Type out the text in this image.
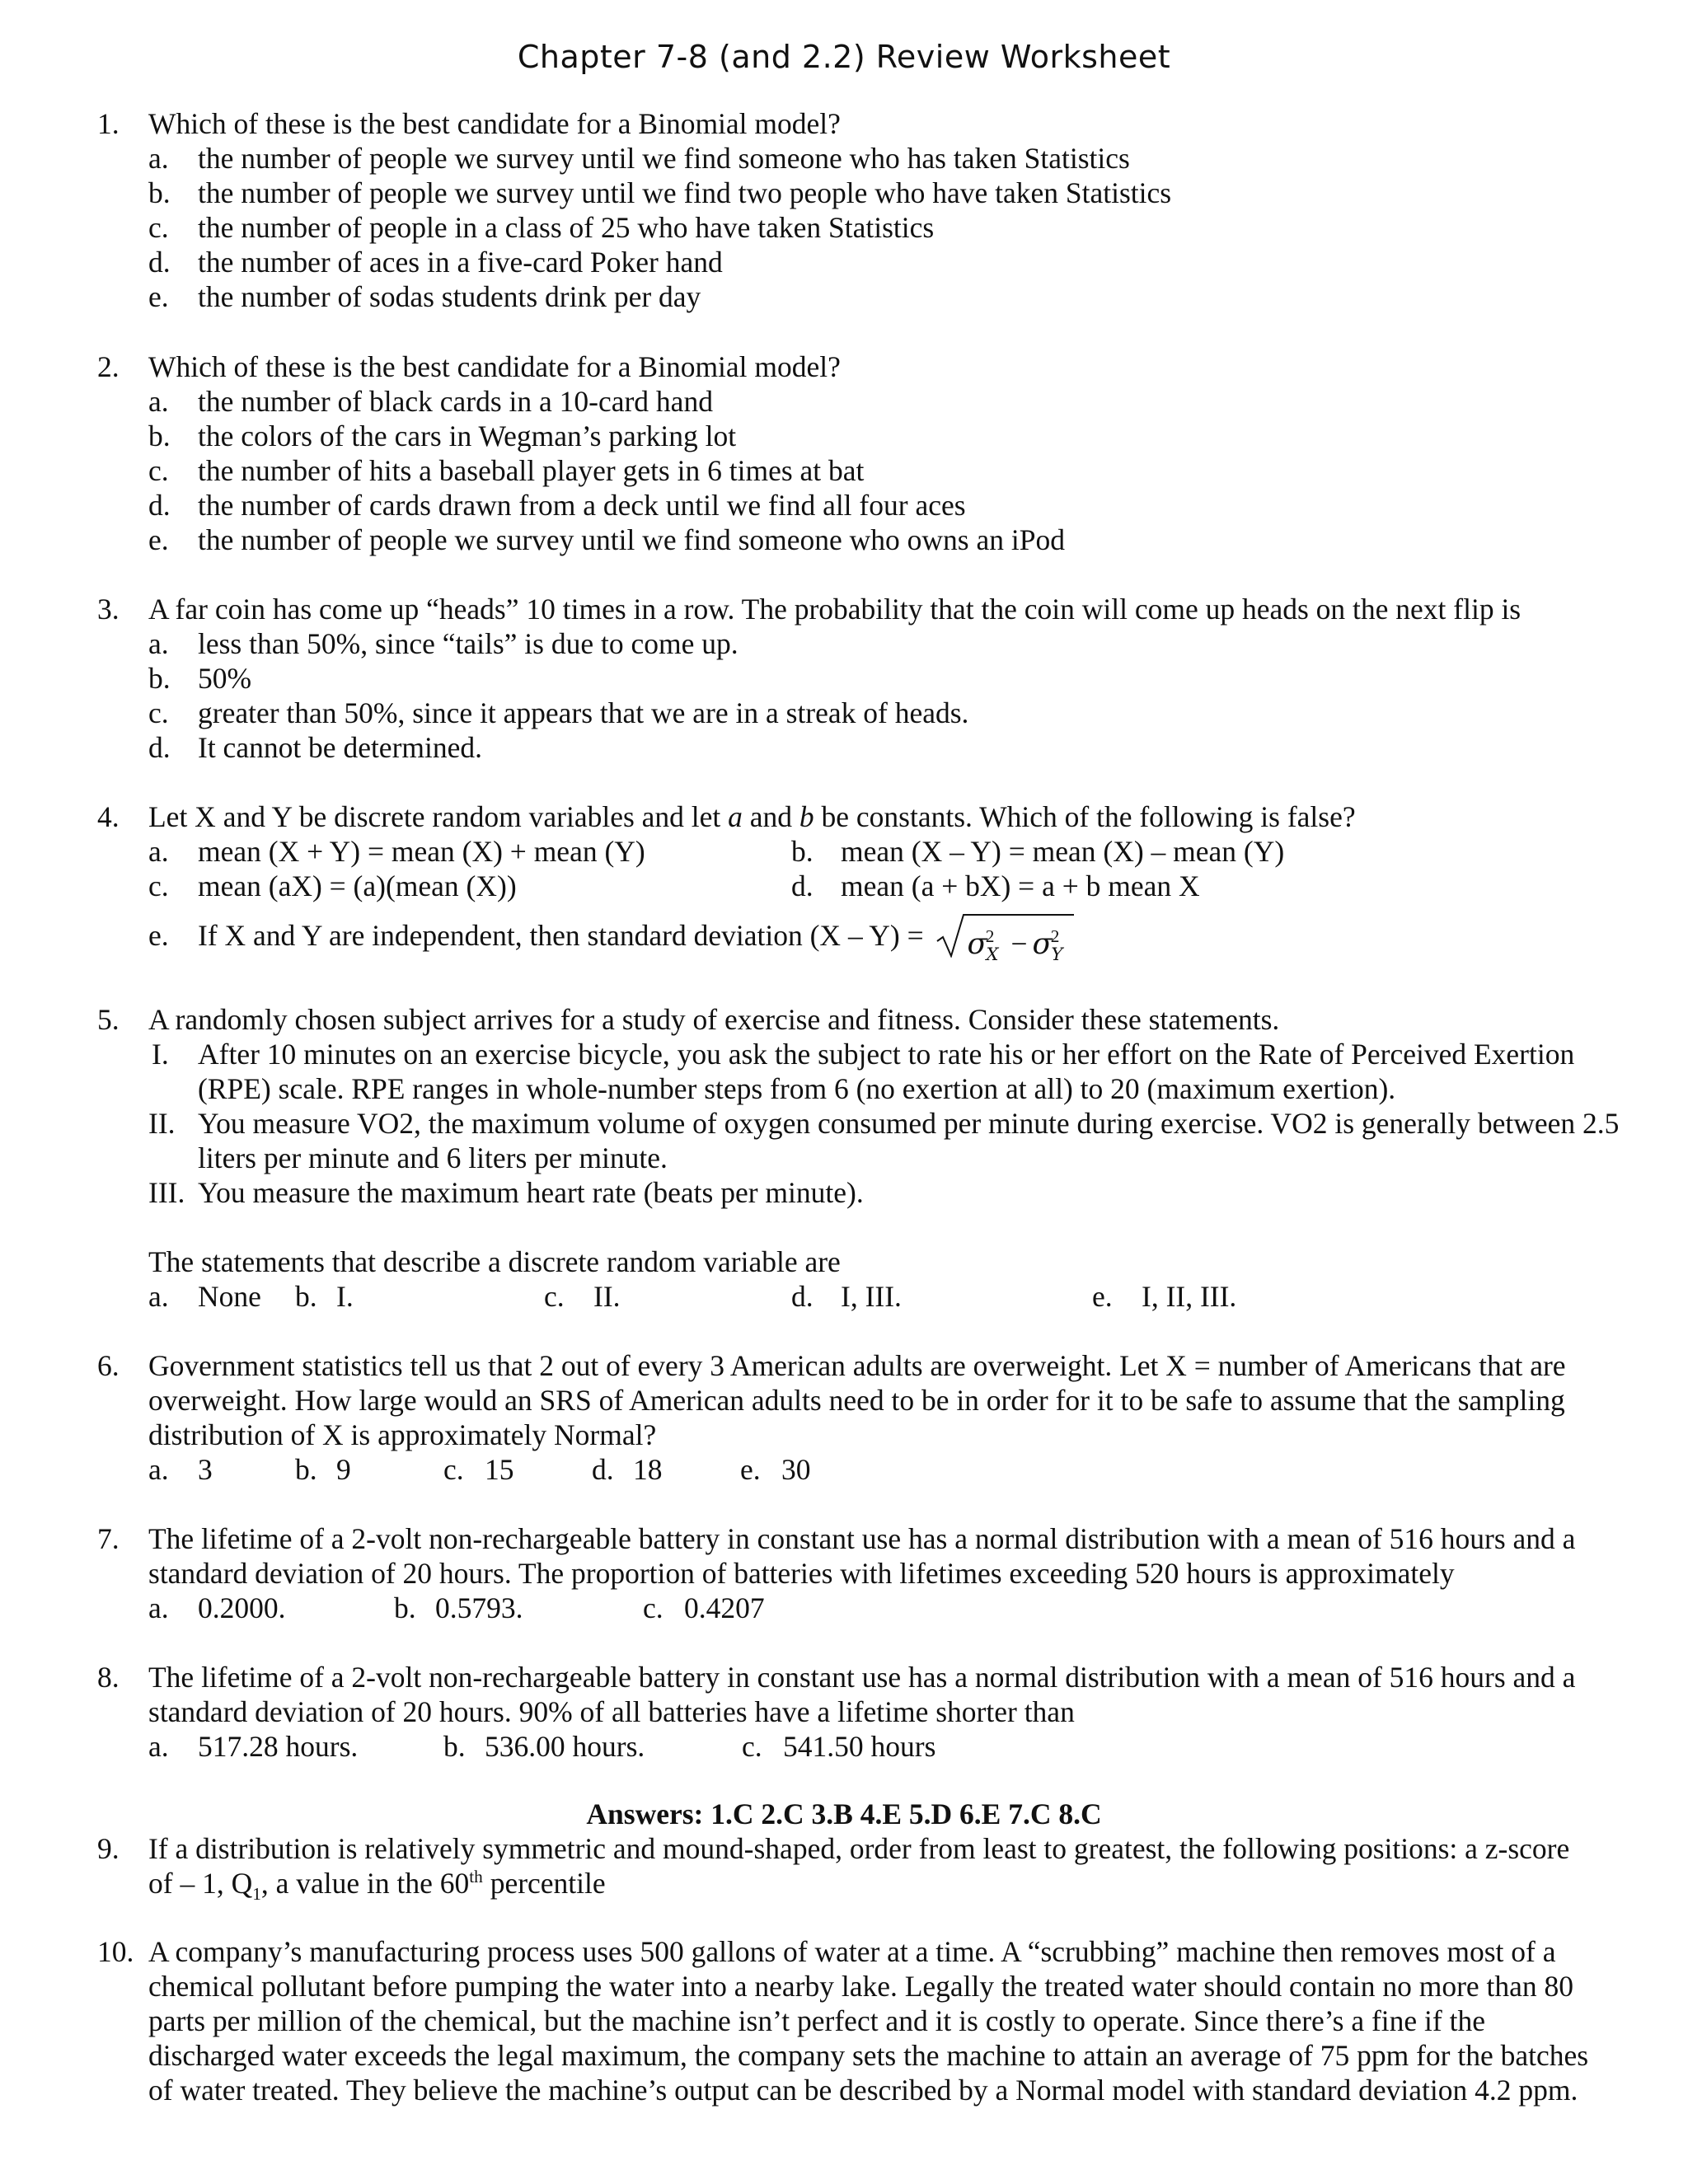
Chapter 7-8 (and 2.2) Review Worksheet
1. Which of these is the best candidate for a Binomial model?
a. the number of people we survey until we find someone who has taken Statistics
b. the number of people we survey until we find two people who have taken Statistics
c. the number of people in a class of 25 who have taken Statistics
d. the number of aces in a five-card Poker hand
e. the number of sodas students drink per day
2. Which of these is the best candidate for a Binomial model?
a. the number of black cards in a 10-card hand
b. the colors of the cars in Wegman’s parking lot
c. the number of hits a baseball player gets in 6 times at bat
d. the number of cards drawn from a deck until we find all four aces
e. the number of people we survey until we find someone who owns an iPod
3. A far coin has come up “heads” 10 times in a row. The probability that the coin will come up heads on the next flip is
a. less than 50%, since “tails” is due to come up.
b. 50%
c. greater than 50%, since it appears that we are in a streak of heads.
d. It cannot be determined.
4. Let X and Y be discrete random variables and let a and b be constants. Which of the following is false?
a. mean (X + Y) = mean (X) + mean (Y)	b. mean (X – Y) = mean (X) – mean (Y)
c. mean (aX) = (a)(mean (X))	d. mean (a + bX) = a + b mean X
e. If X and Y are independent, then standard deviation $(X - Y) = \sigma^2_X - \sigma^2_Y$
5. A randomly chosen subject arrives for a study of exercise and fitness. Consider these statements.
I. After 10 minutes on an exercise bicycle, you ask the subject to rate his or her effort on the Rate of Perceived Exertion (RPE) scale. RPE ranges in whole-number steps from 6 (no exertion at all) to 20 (maximum exertion).
II. You measure VO2, the maximum volume of oxygen consumed per minute during exercise. VO2 is generally between 2.5 liters per minute and 6 liters per minute.
III. You measure the maximum heart rate (beats per minute).
The statements that describe a discrete random variable are
a. None b. I.	c. II.	d. I, III.	e. I, II, III.
6. Government statistics tell us that 2 out of every 3 American adults are overweight. Let X = number of Americans that are overweight. How large would an SRS of American adults need to be in order for it to be safe to assume that the sampling distribution of X is approximately Normal?
a. 3	b. 9	c. 15	d. 18	e. 30
7. The lifetime of a 2-volt non-rechargeable battery in constant use has a normal distribution with a mean of 516 hours and a standard deviation of 20 hours. The proportion of batteries with lifetimes exceeding 520 hours is approximately
a. 0.2000.	b. 0.5793.	c. 0.4207
8. The lifetime of a 2-volt non-rechargeable battery in constant use has a normal distribution with a mean of 516 hours and a standard deviation of 20 hours. 90% of all batteries have a lifetime shorter than
a. 517.28 hours.	b. 536.00 hours.	c. 541.50 hours
Answers: 1.C 2.C 3.B 4.E 5.D 6.E 7.C 8.C
9. If a distribution is relatively symmetric and mound-shaped, order from least to greatest, the following positions: a z-score of – 1, $Q_1$, a value in the 60th percentile
10. A company’s manufacturing process uses 500 gallons of water at a time. A “scrubbing” machine then removes most of a chemical pollutant before pumping the water into a nearby lake. Legally the treated water should contain no more than 80 parts per million of the chemical, but the machine isn’t perfect and it is costly to operate. Since there’s a fine if the discharged water exceeds the legal maximum, the company sets the machine to attain an average of 75 ppm for the batches of water treated. They believe the machine’s output can be described by a Normal model with standard deviation 4.2 ppm.
